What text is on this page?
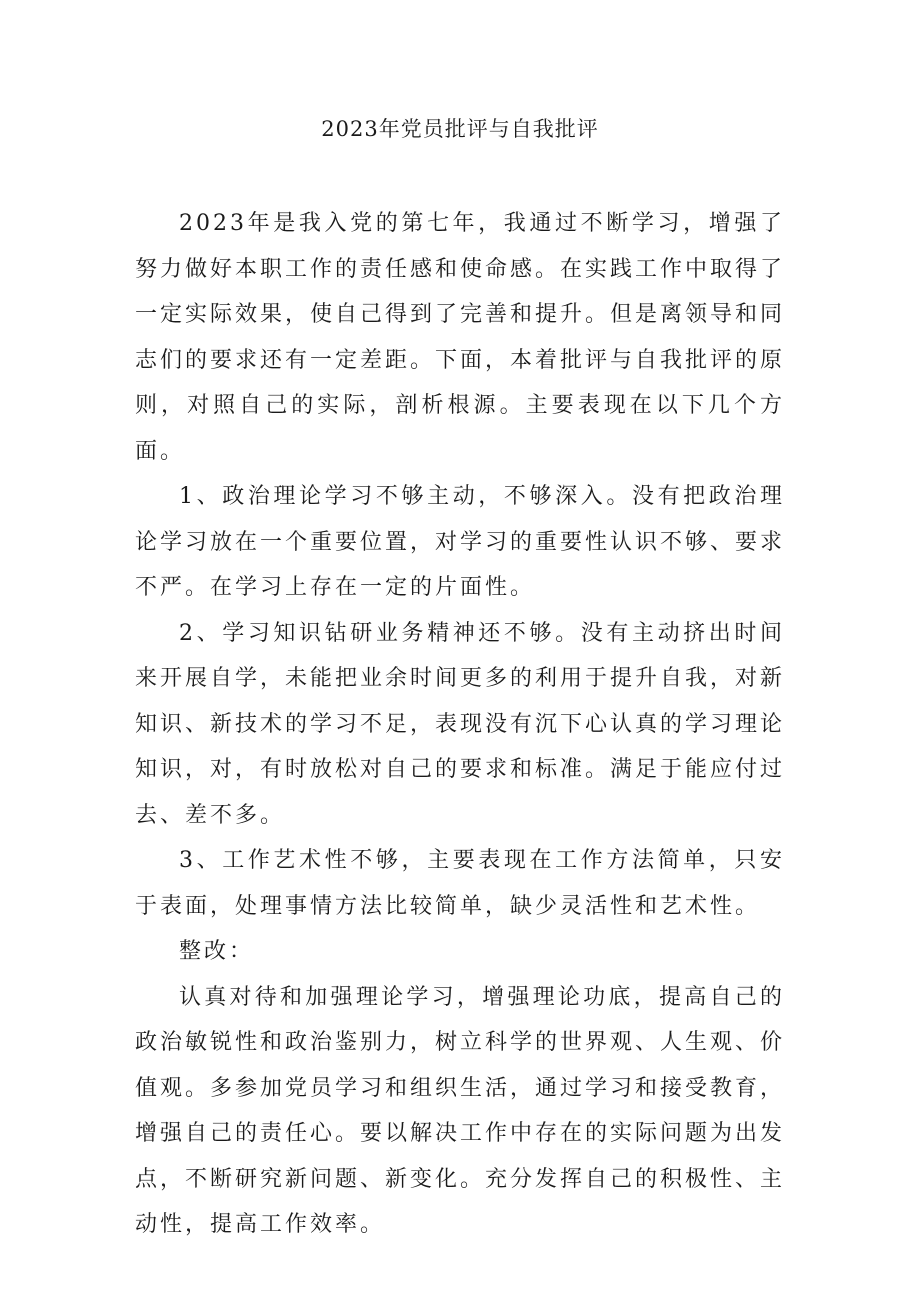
2023年党员批评与自我批评

2023年是我入党的第七年，我通过不断学习，增强了努力做好本职工作的责任感和使命感。在实践工作中取得了一定实际效果，使自己得到了完善和提升。但是离领导和同志们的要求还有一定差距。下面，本着批评与自我批评的原则，对照自己的实际，剖析根源。主要表现在以下几个方面。

1、政治理论学习不够主动，不够深入。没有把政治理论学习放在一个重要位置，对学习的重要性认识不够、要求不严。在学习上存在一定的片面性。

2、学习知识钻研业务精神还不够。没有主动挤出时间来开展自学，未能把业余时间更多的利用于提升自我，对新知识、新技术的学习不足，表现没有沉下心认真的学习理论知识，对，有时放松对自己的要求和标准。满足于能应付过去、差不多。

3、工作艺术性不够，主要表现在工作方法简单，只安于表面，处理事情方法比较简单，缺少灵活性和艺术性。

整改：

认真对待和加强理论学习，增强理论功底，提高自己的政治敏锐性和政治鉴别力，树立科学的世界观、人生观、价值观。多参加党员学习和组织生活，通过学习和接受教育，增强自己的责任心。要以解决工作中存在的实际问题为出发点，不断研究新问题、新变化。充分发挥自己的积极性、主动性，提高工作效率。
